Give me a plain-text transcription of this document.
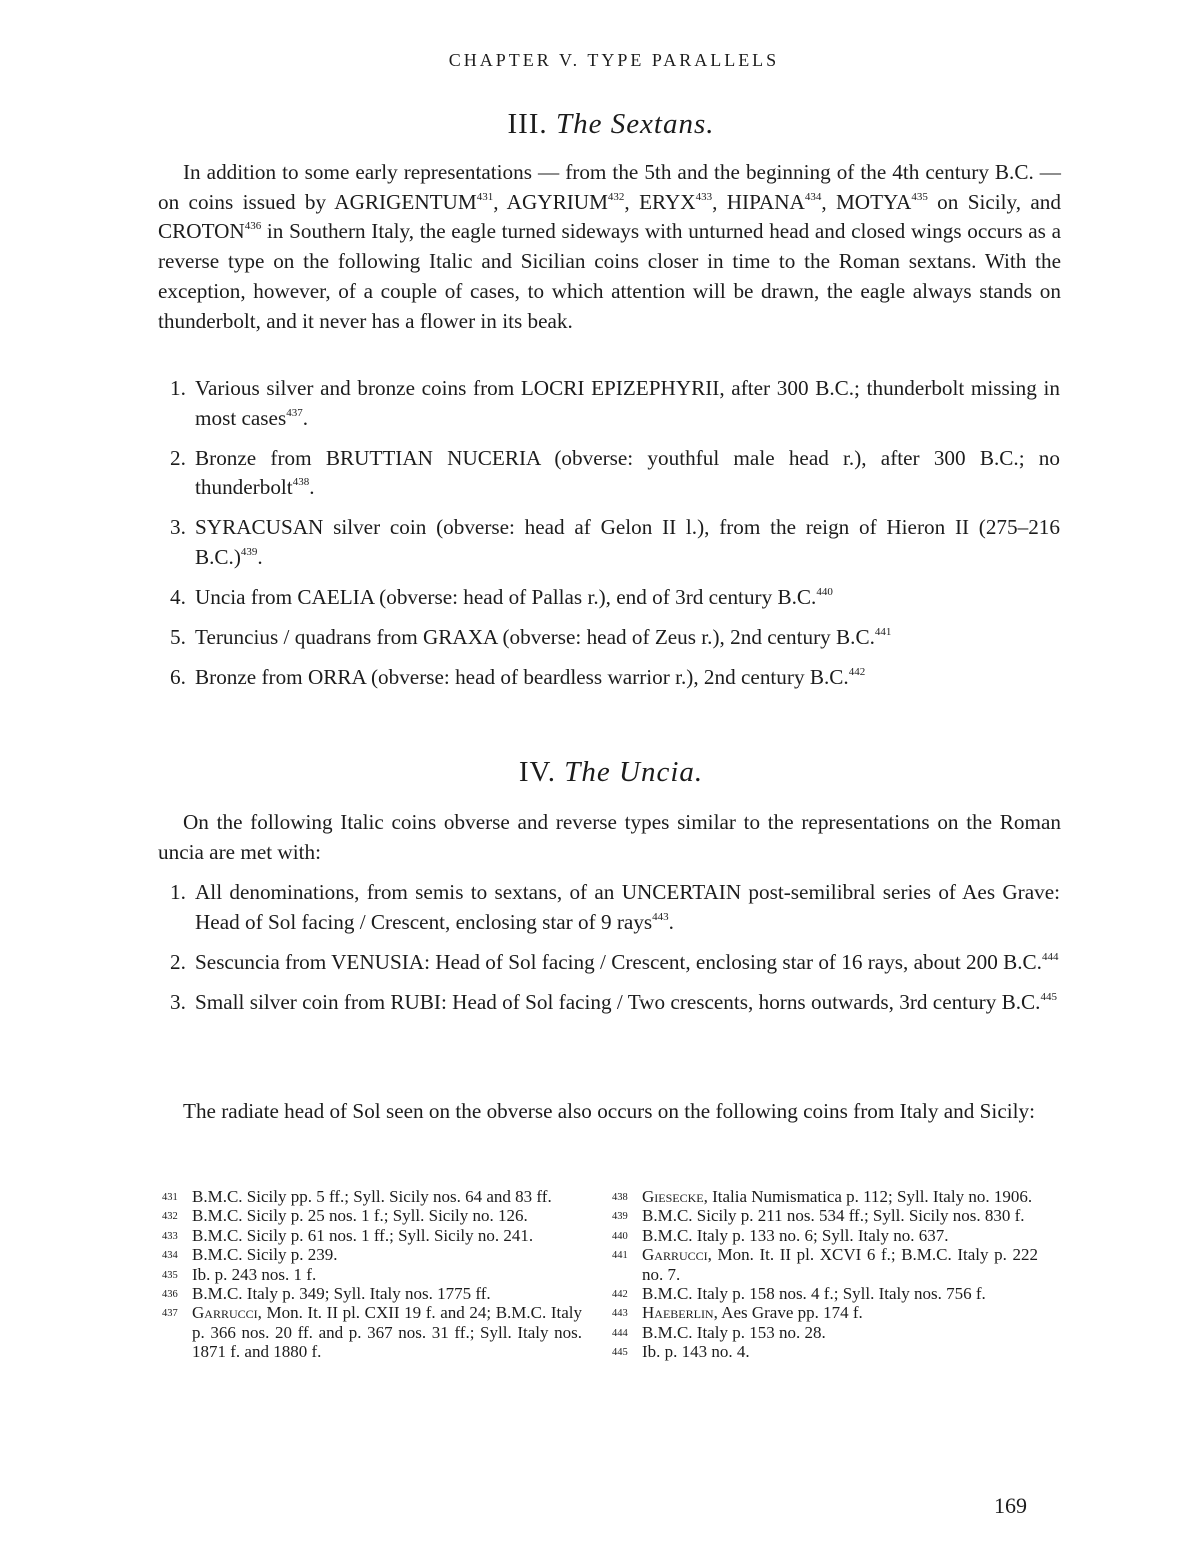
CHAPTER V. TYPE PARALLELS
III. The Sextans.

In addition to some early representations — from the 5th and the beginning of the 4th century B.C. — on coins issued by AGRIGENTUM$^{431}$, AGYRIUM$^{432}$, ERYX$^{433}$, HIPANA$^{434}$, MOTYA$^{435}$ on Sicily, and CROTON$^{436}$ in Southern Italy, the eagle turned sideways with unturned head and closed wings occurs as a reverse type on the following Italic and Sicilian coins closer in time to the Roman sextans. With the exception, however, of a couple of cases, to which attention will be drawn, the eagle always stands on thunderbolt, and it never has a flower in its beak.

1. Various silver and bronze coins from LOCRI EPIZEPHYRII, after 300 B.C.; thunderbolt missing in most cases$^{437}$.
2. Bronze from BRUTTIAN NUCERIA (obverse: youthful male head r.), after 300 B.C.; no thunderbolt$^{438}$.
3. SYRACUSAN silver coin (obverse: head af Gelon II l.), from the reign of Hieron II (275–216 B.C.)$^{439}$.
4. Uncia from CAELIA (obverse: head of Pallas r.), end of 3rd century B.C.$^{440}$
5. Teruncius / quadrans from GRAXA (obverse: head of Zeus r.), 2nd century B.C.$^{441}$
6. Bronze from ORRA (obverse: head of beardless warrior r.), 2nd century B.C.$^{442}$
IV. The Uncia.

On the following Italic coins obverse and reverse types similar to the representations on the Roman uncia are met with:

1. All denominations, from semis to sextans, of an UNCERTAIN post-semilibral series of Aes Grave: Head of Sol facing / Crescent, enclosing star of 9 rays$^{443}$.
2. Sescuncia from VENUSIA: Head of Sol facing / Crescent, enclosing star of 16 rays, about 200 B.C.$^{444}$
3. Small silver coin from RUBI: Head of Sol facing / Two crescents, horns outwards, 3rd century B.C.$^{445}$

The radiate head of Sol seen on the obverse also occurs on the following coins from Italy and Sicily:

431 B.M.C. Sicily pp. 5 ff.; Syll. Sicily nos. 64 and 83 ff.
432 B.M.C. Sicily p. 25 nos. 1 f.; Syll. Sicily no. 126.
433 B.M.C. Sicily p. 61 nos. 1 ff.; Syll. Sicily no. 241.
434 B.M.C. Sicily p. 239.
435 Ib. p. 243 nos. 1 f.
436 B.M.C. Italy p. 349; Syll. Italy nos. 1775 ff.
437 Garrucci, Mon. It. II pl. CXII 19 f. and 24; B.M.C. Italy p. 366 nos. 20 ff. and p. 367 nos. 31 ff.; Syll. Italy nos. 1871 f. and 1880 f.
438 Giesecke, Italia Numismatica p. 112; Syll. Italy no. 1906.
439 B.M.C. Sicily p. 211 nos. 534 ff.; Syll. Sicily nos. 830 f.
440 B.M.C. Italy p. 133 no. 6; Syll. Italy no. 637.
441 Garrucci, Mon. It. II pl. XCVI 6 f.; B.M.C. Italy p. 222 no. 7.
442 B.M.C. Italy p. 158 nos. 4 f.; Syll. Italy nos. 756 f.
443 Haeberlin, Aes Grave pp. 174 f.
444 B.M.C. Italy p. 153 no. 28.
445 Ib. p. 143 no. 4.
169
